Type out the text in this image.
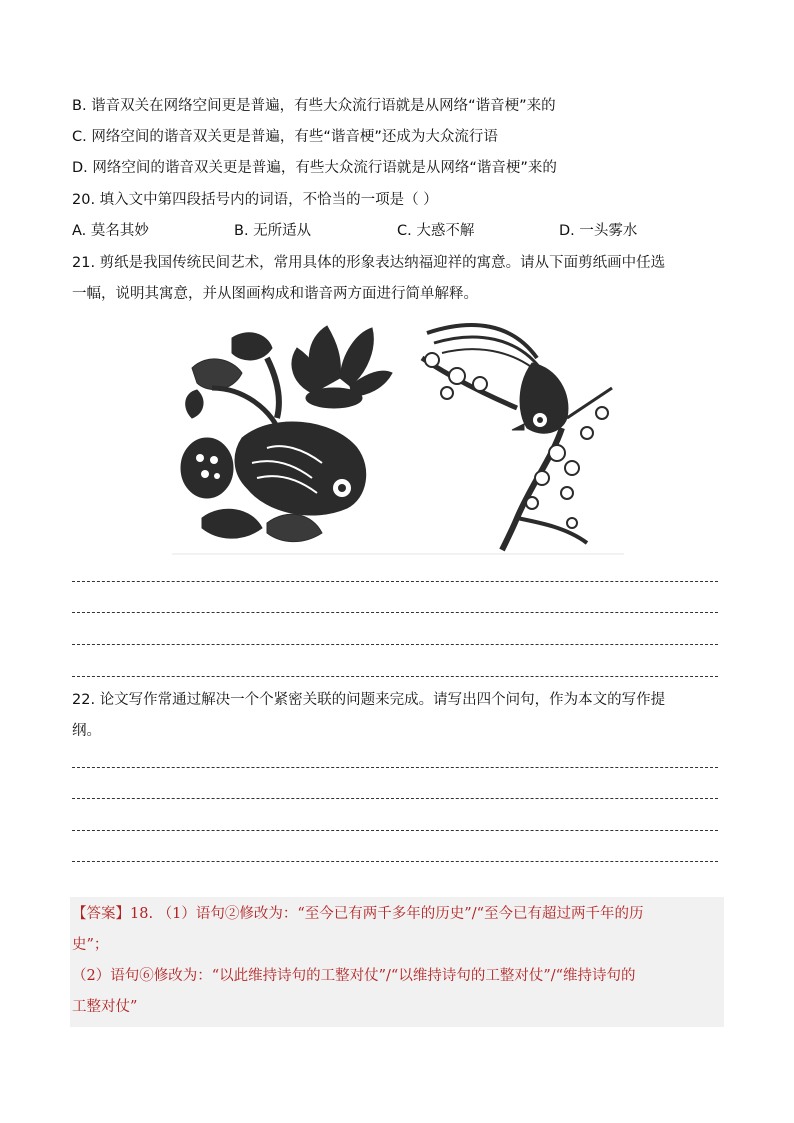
B. 谐音双关在网络空间更是普遍，有些大众流行语就是从网络“谐音梗”来的
C. 网络空间的谐音双关更是普遍，有些“谐音梗”还成为大众流行语
D. 网络空间的谐音双关更是普遍，有些大众流行语就是从网络“谐音梗”来的
20. 填入文中第四段括号内的词语，不恰当的一项是（ ）
A. 莫名其妙	B. 无所适从	C. 大惑不解	D. 一头雾水
21. 剪纸是我国传统民间艺术，常用具体的形象表达纳福迎祥的寓意。请从下面剪纸画中任选
一幅，说明其寓意，并从图画构成和谐音两方面进行简单解释。
22. 论文写作常通过解决一个个紧密关联的问题来完成。请写出四个问句，作为本文的写作提
纲。
【答案】18. （1）语句②修改为：“至今已有两千多年的历史”/“至今已有超过两千年的历
史”；
（2）语句⑥修改为：“以此维持诗句的工整对仗”/“以维持诗句的工整对仗”/“维持诗句的
工整对仗”
